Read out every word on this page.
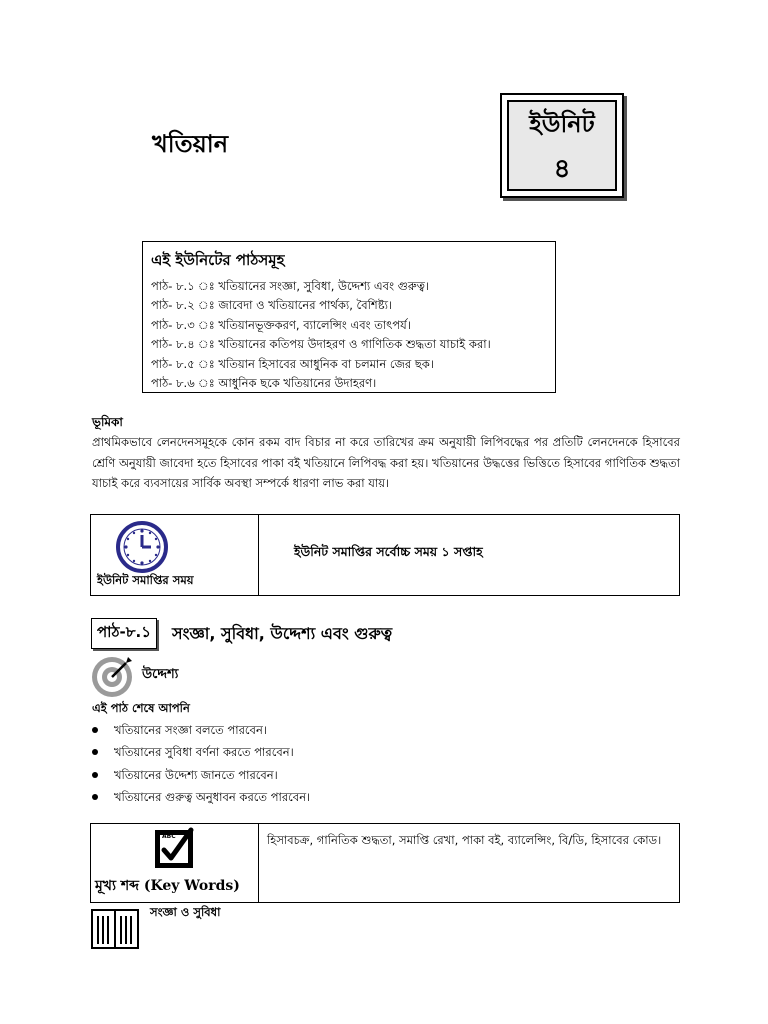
খতিয়ান
ইউনিট
৪
এই ইউনিটের পাঠসমূহ
পাঠ- ৮.১ ঃ খতিয়ানের সংজ্ঞা, সুবিধা, উদ্দেশ্য এবং গুরুত্ব।
পাঠ- ৮.২ ঃ জাবেদা ও খতিয়ানের পার্থক্য, বৈশিষ্ট্য।
পাঠ- ৮.৩ ঃ খতিয়ানভূক্তকরণ, ব্যালেন্সিং এবং তাৎপর্য।
পাঠ- ৮.৪ ঃ খতিয়ানের কতিপয় উদাহরণ ও গাণিতিক শুদ্ধতা যাচাই করা।
পাঠ- ৮.৫ ঃ খতিয়ান হিসাবের আধুনিক বা চলমান জের ছক।
পাঠ- ৮.৬ ঃ আধুনিক ছকে খতিয়ানের উদাহরণ।
ভূমিকা
প্রাথমিকভাবে লেনদেনসমূহকে কোন রকম বাদ বিচার না করে তারিখের ক্রম অনুযায়ী লিপিবদ্ধের পর প্রতিটি লেনদেনকে হিসাবের শ্রেণি অনুযায়ী জাবেদা হতে হিসাবের পাকা বই খতিয়ানে লিপিবদ্ধ করা হয়। খতিয়ানের উদ্ধত্তের ভিত্তিতে হিসাবের গাণিতিক শুদ্ধতা যাচাই করে ব্যবসায়ের সার্বিক অবস্থা সম্পর্কে ধারণা লাভ করা যায়।
ইউনিট সমাপ্তির সময়
ইউনিট সমাপ্তির সর্বোচ্চ সময় ১ সপ্তাহ
পাঠ-৮.১	সংজ্ঞা, সুবিধা, উদ্দেশ্য এবং গুরুত্ব
উদ্দেশ্য
এই পাঠ শেষে আপনি
খতিয়ানের সংজ্ঞা বলতে পারবেন।
খতিয়ানের সুবিধা বর্ণনা করতে পারবেন।
খতিয়ানের উদ্দেশ্য জানতে পারবেন।
খতিয়ানের গুরুত্ব অনুধাবন করতে পারবেন।
ABC
মূখ্য শব্দ (Key Words)
হিসাবচক্র, গানিতিক শুদ্ধতা, সমাপ্তি রেখা, পাকা বই, ব্যালেন্সিং, বি/ডি, হিসাবের কোড।
সংজ্ঞা ও সুবিধা
